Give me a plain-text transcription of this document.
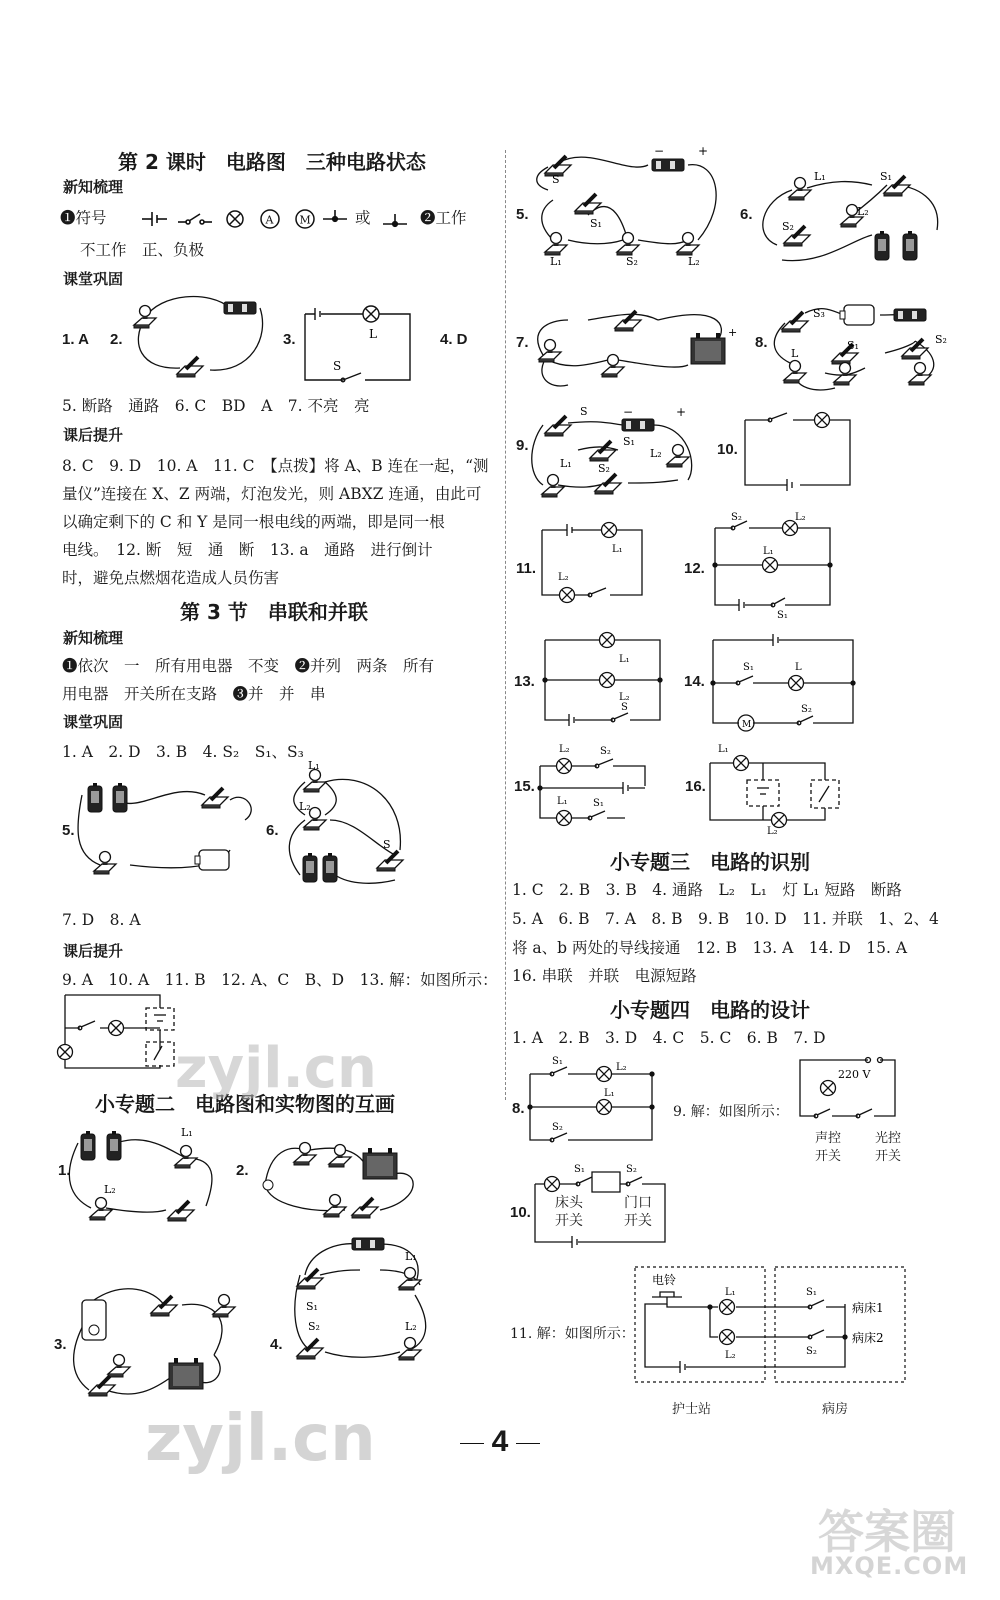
第 2 课时　电路图　三种电路状态
新知梳理
❶符号	A M	或	❷工作
不工作　正、负极
课堂巩固
1. A 2.	3.	L
S
4. D
5. 断路　通路　6. C　BD　A　7. 不亮　亮
课后提升
8. C　9. D　10. A　11. C　【点拨】将 A、B 连在一起，“测
量仪”连接在 X、Z 两端，灯泡发光，则 ABXZ 连通，由此可
以确定剩下的 C 和 Y 是同一根电线的两端，即是同一根
电线。　12. 断　短　通　断　13. a　通路　进行倒计
时，避免点燃烟花造成人员伤害
第 3 节　串联和并联
新知梳理
❶依次　一　所有用电器　不变　❷并列　两条　所有
用电器　开关所在支路　❸并　并　串
课堂巩固
1. A　2. D　3. B　4. S₂　S₁、S₃
5.	6.
L₁
L₂
S
7. D　8. A
课后提升
9. A　10. A　11. B　12. A、C　B、D　13. 解：如图所示：
小专题二　电路图和实物图的互画
1.
L₁
L₂
2.
3.	4.
L₁
S₁
S₂	L₂
5.
S
S₁
L₁	S₂	L₂
−	+
6.
L₁	S₁
L₂
S₂
7.
+
8.
S₃
S₁	S₂
L
9.
S
S₁
L₁ S₂
L₂
−	+
10.
11.
L₁
L₂
12.
S₂	L₂
L₁
S₁
13.
L₁
L₂
S
14.
M
S₁	L
S₂
15.
L₂	S₂
L₁	S₁
16.
L₁
L₂
小专题三　电路的识别
1. C　2. B　3. B　4. 通路　L₂　L₁　灯 L₁ 短路　断路
5. A　6. B　7. A　8. B　9. B　10. D　11. 并联　1、2、4
将 a、b 两处的导线接通　12. B　13. A　14. D　15. A
16. 串联　并联　电源短路
小专题四　电路的设计
1. A　2. B　3. D　4. C　5. C　6. B　7. D
8.
S₁
L₂
L₁
S₂
9. 解：如图所示：
220 V
声控
开关
光控
开关
10.
S₁	S₂
床头
开关
门口
开关
11. 解：如图所示：
电铃
L₁
L₂
S₁
S₂
病床1
病床2
护士站	病房
4
zyjl.cn
zyjl.cn
答案圈
MXQE.COM
